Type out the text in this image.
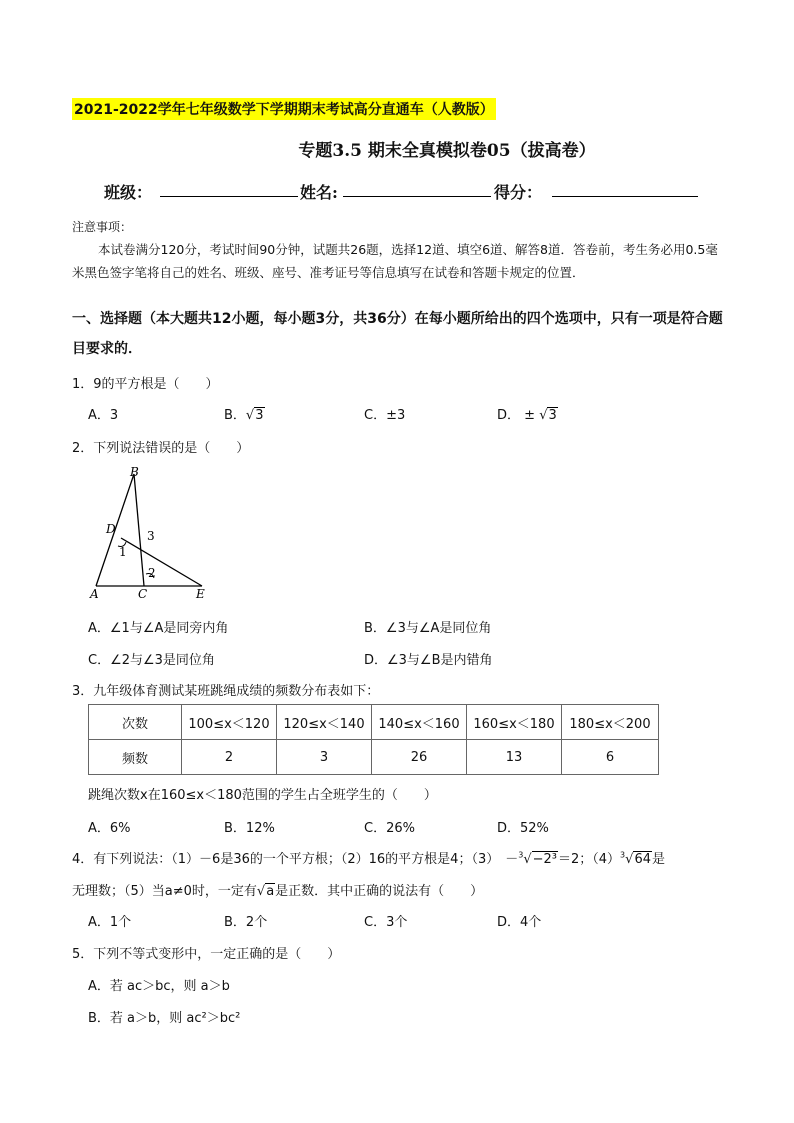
2021-2022学年七年级数学下学期期末考试高分直通车（人教版）
专题3.5 期末全真模拟卷05（拔高卷）
班级：	姓名:	得分：
注意事项：
本试卷满分120分，考试时间90分钟，试题共26题，选择12道、填空6道、解答8道．答卷前，考生务必用0.5毫米黑色签字笔将自己的姓名、班级、座号、准考证号等信息填写在试卷和答题卡规定的位置．
一、选择题（本大题共12小题，每小题3分，共36分）在每小题所给出的四个选项中，只有一项是符合题目要求的．
1．9的平方根是（　　）
A．3	B．√3	C．±3	D． ± √3
2．下列说法错误的是（　　）
B
D
A	C	E
1
2
3
A．∠1与∠A是同旁内角	B．∠3与∠A是同位角
C．∠2与∠3是同位角	D．∠3与∠B是内错角
3．九年级体育测试某班跳绳成绩的频数分布表如下：
次数	100≤x＜120	120≤x＜140	140≤x＜160	160≤x＜180	180≤x＜200
频数	2	3	26	13	6
跳绳次数x在160≤x＜180范围的学生占全班学生的（　　）
A．6%	B．12%	C．26%	D．52%
4．有下列说法：（1）－6是36的一个平方根；（2）16的平方根是4；（3） －$^3$√−2³＝2；$(4)^3√64$是
无理数；（5）当a≠0时，一定有√a是正数．其中正确的说法有（　　）
A．1个	B．2个	C．3个	D．4个
5．下列不等式变形中，一定正确的是（　　）
A．若 ac＞bc，则 a＞b
B．若 a＞b，则 ac²＞bc²
